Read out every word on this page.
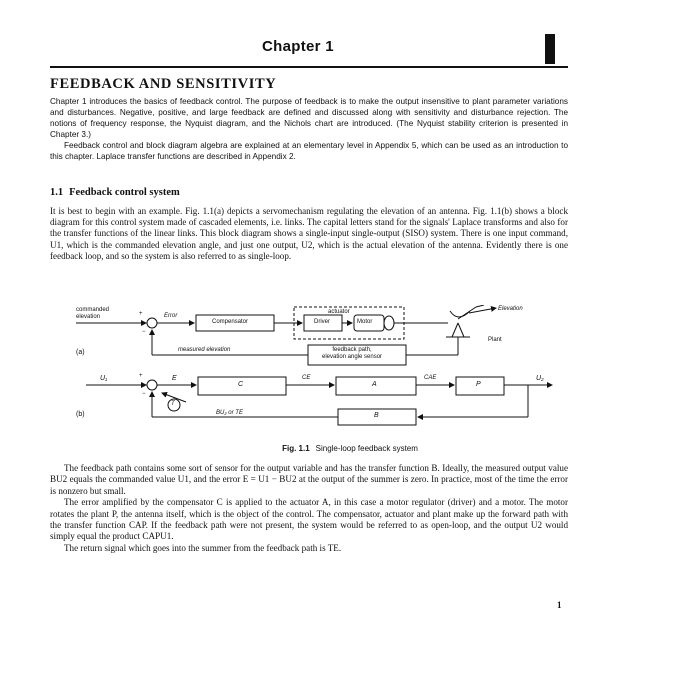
Chapter 1
FEEDBACK AND SENSITIVITY

Chapter 1 introduces the basics of feedback control. The purpose of feedback is to make the output insensitive to plant parameter variations and disturbances. Negative, positive, and large feedback are defined and discussed along with sensitivity and disturbance rejection. The notions of frequency response, the Nyquist diagram, and the Nichols chart are introduced. (The Nyquist stability criterion is presented in Chapter 3.)

Feedback control and block diagram algebra are explained at an elementary level in Appendix 5, which can be used as an introduction to this chapter. Laplace transfer functions are described in Appendix 2.

1.1 Feedback control system
It is best to begin with an example. Fig. 1.1(a) depicts a servomechanism regulating the elevation of an antenna. Fig. 1.1(b) shows a block diagram for this control system made of cascaded elements, i.e. links. The capital letters stand for the signals' Laplace transforms and also for the transfer functions of the linear links. This block diagram shows a single-input single-output (SISO) system. There is one input command, U1, which is the commanded elevation angle, and just one output, U2, which is the actual elevation of the antenna. Evidently there is one feedback loop, and so the system is also referred to as single-loop.
commanded
elevation	+
−
Error
Compensator
actuator
Driver	Motor
Elevation
Plant
(a)	measured elevation	feedback path,
elevation angle sensor
U₁	+
−
E
C
CE
A
CAE
P
U₂
(b)
T
BU₂ or TE	B
Fig. 1.1 Single-loop feedback system

The feedback path contains some sort of sensor for the output variable and has the transfer function B. Ideally, the measured output value BU2 equals the commanded value U1, and the error E = U1 − BU2 at the output of the summer is zero. In practice, most of the time the error is nonzero but small.

The error amplified by the compensator C is applied to the actuator A, in this case a motor regulator (driver) and a motor. The motor rotates the plant P, the antenna itself, which is the object of the control. The compensator, actuator and plant make up the forward path with the transfer function CAP. If the feedback path were not present, the system would be referred to as open-loop, and the output U2 would simply equal the product CAPU1.

The return signal which goes into the summer from the feedback path is TE.

1
